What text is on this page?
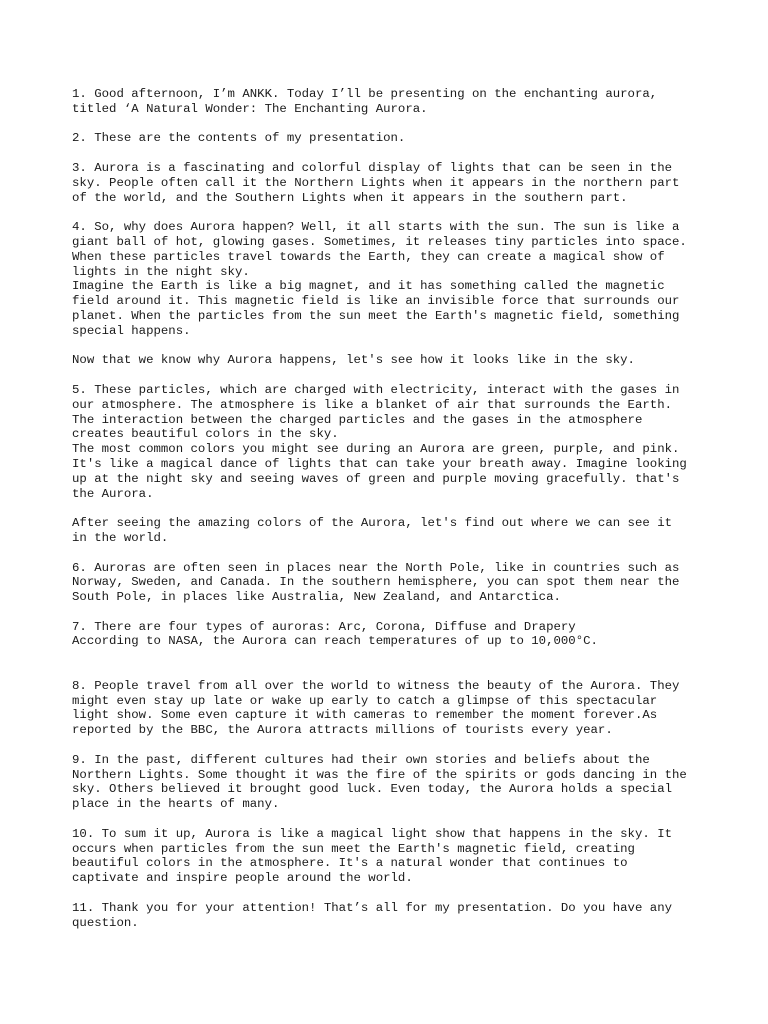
1. Good afternoon, I’m ANKK. Today I’ll be presenting on the enchanting aurora,
titled ‘A Natural Wonder: The Enchanting Aurora.

2. These are the contents of my presentation.

3. Aurora is a fascinating and colorful display of lights that can be seen in the
sky. People often call it the Northern Lights when it appears in the northern part
of the world, and the Southern Lights when it appears in the southern part.

4. So, why does Aurora happen? Well, it all starts with the sun. The sun is like a
giant ball of hot, glowing gases. Sometimes, it releases tiny particles into space.
When these particles travel towards the Earth, they can create a magical show of
lights in the night sky.
Imagine the Earth is like a big magnet, and it has something called the magnetic
field around it. This magnetic field is like an invisible force that surrounds our
planet. When the particles from the sun meet the Earth's magnetic field, something
special happens.

Now that we know why Aurora happens, let's see how it looks like in the sky.

5. These particles, which are charged with electricity, interact with the gases in
our atmosphere. The atmosphere is like a blanket of air that surrounds the Earth.
The interaction between the charged particles and the gases in the atmosphere
creates beautiful colors in the sky.
The most common colors you might see during an Aurora are green, purple, and pink.
It's like a magical dance of lights that can take your breath away. Imagine looking
up at the night sky and seeing waves of green and purple moving gracefully. that's
the Aurora.

After seeing the amazing colors of the Aurora, let's find out where we can see it
in the world.

6. Auroras are often seen in places near the North Pole, like in countries such as
Norway, Sweden, and Canada. In the southern hemisphere, you can spot them near the
South Pole, in places like Australia, New Zealand, and Antarctica.

7. There are four types of auroras: Arc, Corona, Diffuse and Drapery
According to NASA, the Aurora can reach temperatures of up to 10,000°C.

8. People travel from all over the world to witness the beauty of the Aurora. They
might even stay up late or wake up early to catch a glimpse of this spectacular
light show. Some even capture it with cameras to remember the moment forever.As
reported by the BBC, the Aurora attracts millions of tourists every year.

9. In the past, different cultures had their own stories and beliefs about the
Northern Lights. Some thought it was the fire of the spirits or gods dancing in the
sky. Others believed it brought good luck. Even today, the Aurora holds a special
place in the hearts of many.

10. To sum it up, Aurora is like a magical light show that happens in the sky. It
occurs when particles from the sun meet the Earth's magnetic field, creating
beautiful colors in the atmosphere. It's a natural wonder that continues to
captivate and inspire people around the world.

11. Thank you for your attention! That’s all for my presentation. Do you have any
question.
